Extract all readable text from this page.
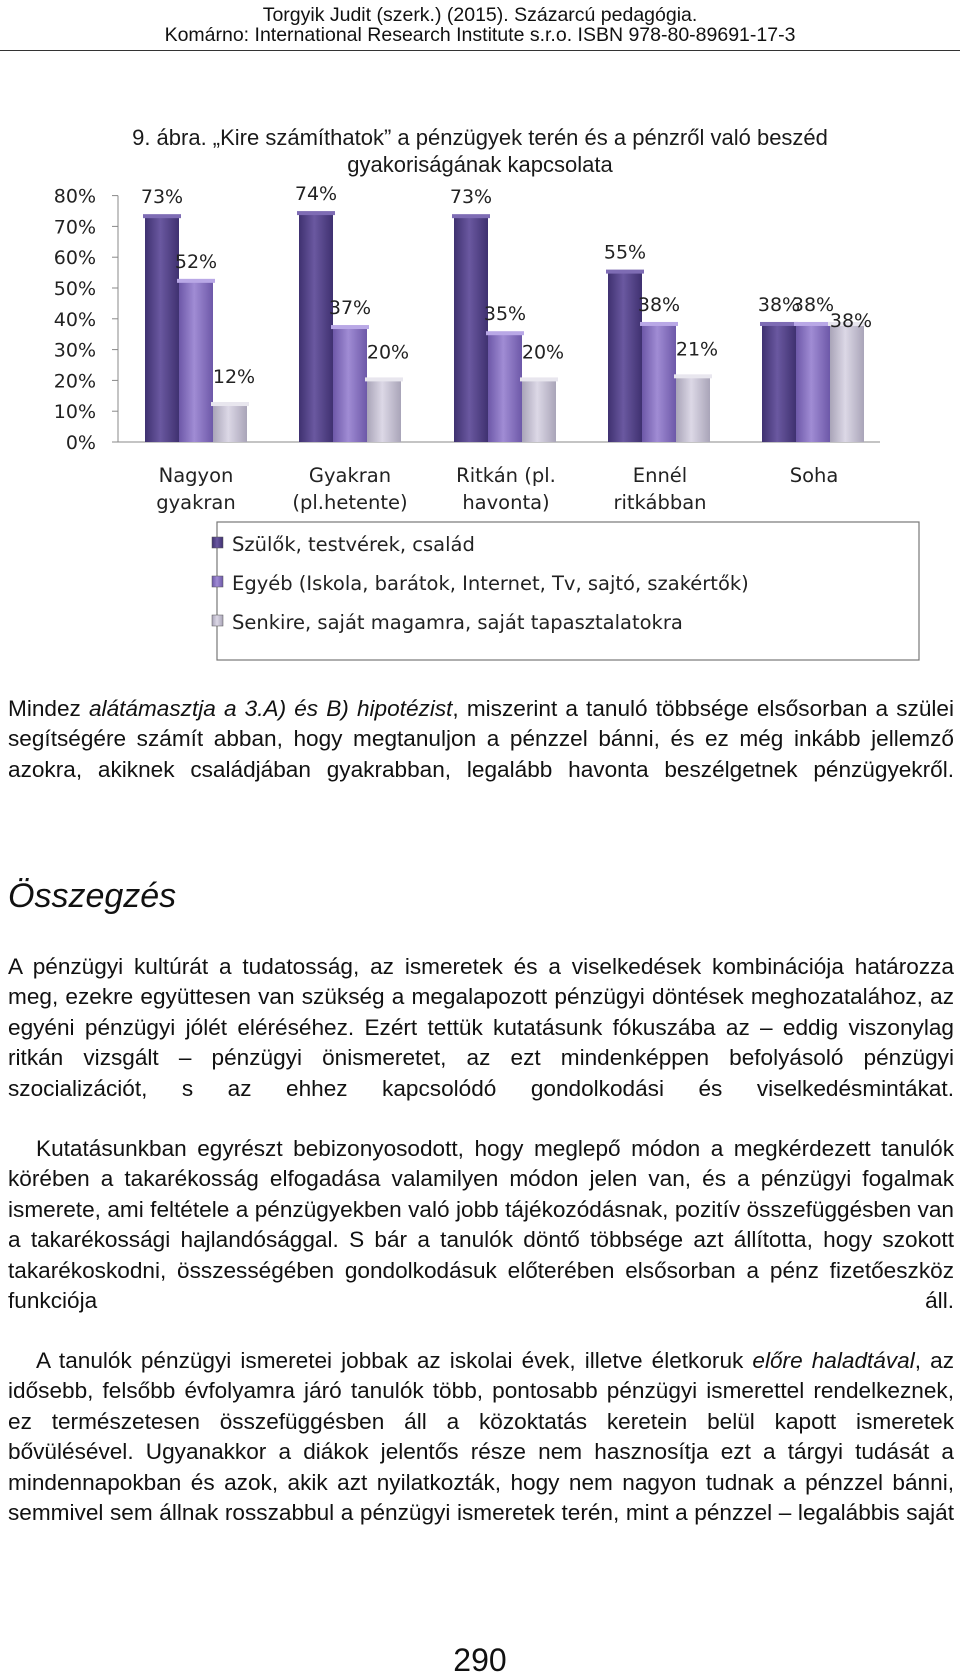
Torgyik Judit (szerk.) (2015). Százarcú pedagógia.
Komárno: International Research Institute s.r.o. ISBN 978-80-89691-17-3
9. ábra. „Kire számíthatok” a pénzügyek terén és a pénzről való beszéd
gyakoriságának kapcsolata
0%
10%
20%
30%
40%
50%
60%
70%
80% 73%	74%	73%
55%
38%
52%
37%	35%	38%	38%
12%
20%	20%	21%
38%
Nagyon
gyakran
Gyakran
(pl.hetente)
Ritkán (pl.
havonta)
Ennél
ritkábban
Soha
Szülők, testvérek, család
Egyéb (Iskola, barátok, Internet, Tv, sajtó, szakértők)
Senkire, saját magamra, saját tapasztalatokra

Mindez alátámasztja a 3.A) és B) hipotézist, miszerint a tanuló többsége elsősorban a szülei segítségére számít abban, hogy megtanuljon a pénzzel bánni, és ez még inkább jellemző azokra, akiknek családjában gyakrabban, legalább havonta beszélgetnek pénzügyekről.

Összegzés

A pénzügyi kultúrát a tudatosság, az ismeretek és a viselkedések kombinációja határozza meg, ezekre együttesen van szükség a megalapozott pénzügyi döntések meghozatalához, az egyéni pénzügyi jólét eléréséhez. Ezért tettük kutatásunk fókuszába az – eddig viszonylag ritkán vizsgált – pénzügyi önismeretet, az ezt mindenképpen befolyásoló pénzügyi szocializációt, s az ehhez kapcsolódó gondolkodási és viselkedésmintákat.

Kutatásunkban egyrészt bebizonyosodott, hogy meglepő módon a megkérdezett tanulók körében a takarékosság elfogadása valamilyen módon jelen van, és a pénzügyi fogalmak ismerete, ami feltétele a pénzügyekben való jobb tájékozódásnak, pozitív összefüggésben van a takarékossági hajlandósággal. S bár a tanulók döntő többsége azt állította, hogy szokott takarékoskodni, összességében gondolkodásuk előterében elsősorban a pénz fizetőeszköz funkciója áll.

A tanulók pénzügyi ismeretei jobbak az iskolai évek, illetve életkoruk előre haladtával, az idősebb, felsőbb évfolyamra járó tanulók több, pontosabb pénzügyi ismerettel rendelkeznek, ez természetesen összefüggésben áll a közoktatás keretein belül kapott ismeretek bővülésével. Ugyanakkor a diákok jelentős része nem hasznosítja ezt a tárgyi tudását a mindennapokban és azok, akik azt nyilatkozták, hogy nem nagyon tudnak a pénzzel bánni, semmivel sem állnak rosszabbul a pénzügyi ismeretek terén, mint a pénzzel – legalábbis saját

290
